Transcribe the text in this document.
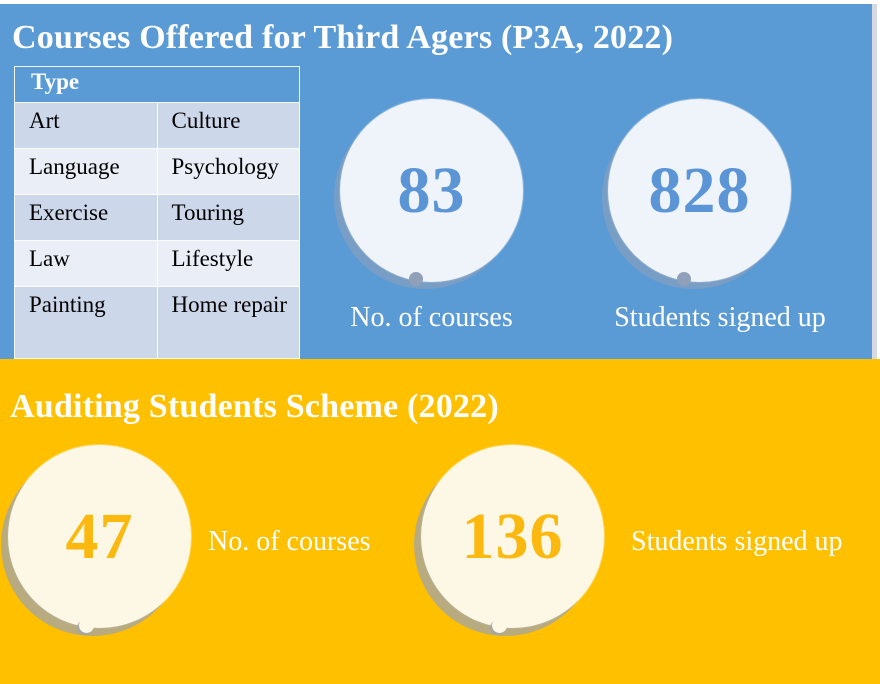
Courses Offered for Third Agers (P3A, 2022)
Type	
Art	Culture
Language	Psychology
Exercise	Touring
Law	Lifestyle
Painting	Home repair
83
No. of courses
828
Students signed up
Auditing Students Scheme (2022)
47	No. of courses 136 Students signed up
